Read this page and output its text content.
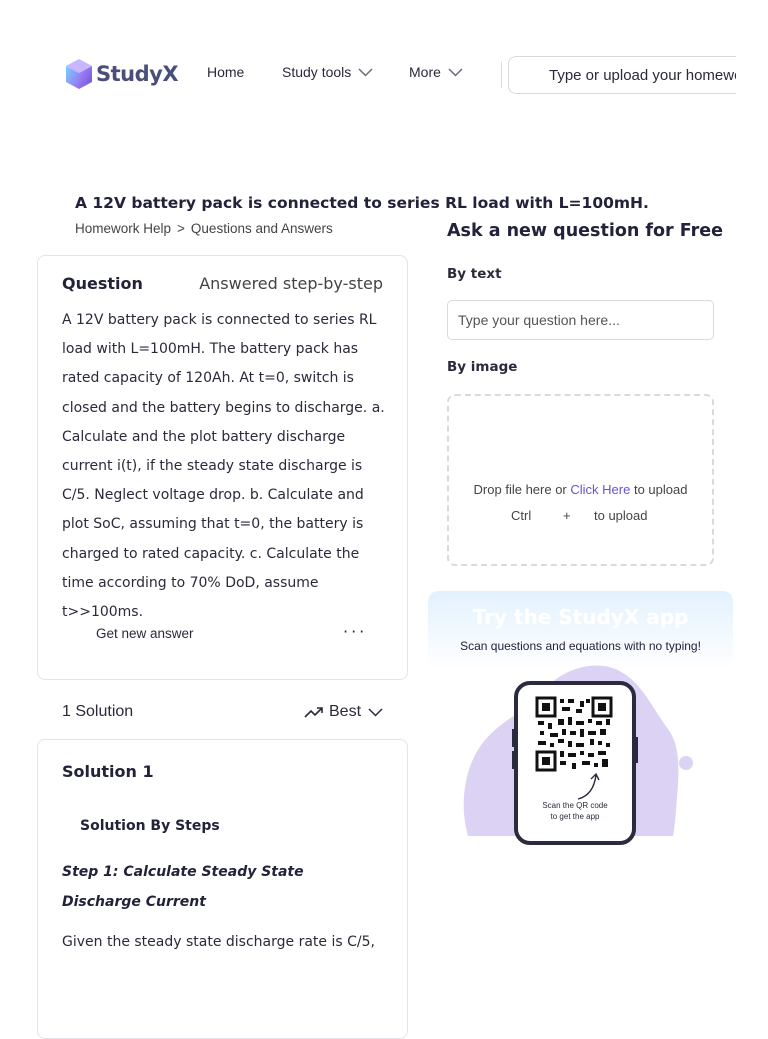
StudyX Home	Study tools	More
Type or upload your homework
A 12V battery pack is connected to series RL load with L=100mH.
Homework Help > Questions and Answers
Question	Answered step-by-step
A 12V battery pack is connected to series RL load with L=100mH. The battery pack has rated capacity of 120Ah. At t=0, switch is closed and the battery begins to discharge. a. Calculate and the plot battery discharge current i(t), if the steady state discharge is C/5. Neglect voltage drop. b. Calculate and plot SoC, assuming that t=0, the battery is charged to rated capacity. c. Calculate the time according to 70% DoD, assume t>>100ms.
Get new answer	···
1 Solution	Best
Solution 1
Solution By Steps
Step 1: Calculate Steady State Discharge Current
Given the steady state discharge rate is C/5,
Ask a new question for Free
By text
Type your question here...
By image
Drop file here or Click Here to upload
Ctrl	+	to upload
Try the StudyX app
Scan questions and equations with no typing!
Scan the QR code
to get the app
